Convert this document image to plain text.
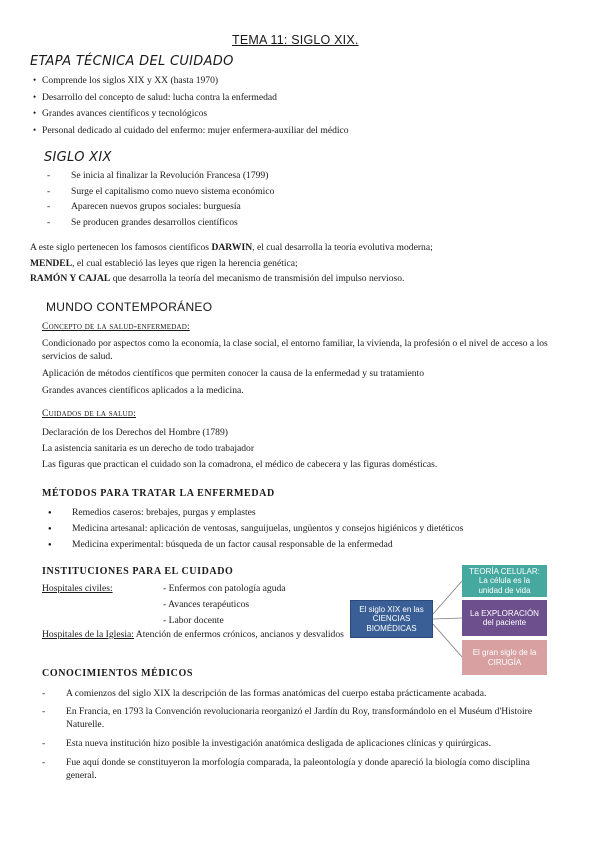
TEMA 11: SIGLO XIX.
ETAPA TÉCNICA DEL CUIDADO
• Comprende los siglos XIX y XX (hasta 1970)
• Desarrollo del concepto de salud: lucha contra la enfermedad
• Grandes avances científicos y tecnológicos
• Personal dedicado al cuidado del enfermo: mujer enfermera-auxiliar del médico
SIGLO XIX
- Se inicia al finalizar la Revolución Francesa (1799)
- Surge el capitalismo como nuevo sistema económico
- Aparecen nuevos grupos sociales: burguesía
- Se producen grandes desarrollos científicos
A este siglo pertenecen los famosos científicos DARWIN, el cual desarrolla la teoría evolutiva moderna;
MENDEL, el cual estableció las leyes que rigen la herencia genética;
RAMÓN Y CAJAL que desarrolla la teoría del mecanismo de transmisión del impulso nervioso.
MUNDO CONTEMPORÁNEO
Concepto de la salud-enfermedad:

Condicionado por aspectos como la economía, la clase social, el entorno familiar, la vivienda, la profesión o el nivel de acceso a los servicios de salud.

Aplicación de métodos científicos que permiten conocer la causa de la enfermedad y su tratamiento

Grandes avances científicos aplicados a la medicina.

Cuidados de la salud:

Declaración de los Derechos del Hombre (1789)

La asistencia sanitaria es un derecho de todo trabajador

Las figuras que practican el cuidado son la comadrona, el médico de cabecera y las figuras domésticas.

MÉTODOS PARA TRATAR LA ENFERMEDAD
● Remedios caseros: brebajes, purgas y emplastes
● Medicina artesanal: aplicación de ventosas, sanguijuelas, ungüentos y consejos higiénicos y dietéticos
● Medicina experimental: búsqueda de un factor causal responsable de la enfermedad
INSTITUCIONES PARA EL CUIDADO
Hospitales civiles:	- Enfermos con patología aguda
- Avances terapéuticos
- Labor docente
Hospitales de la Iglesia: Atención de enfermos crónicos, ancianos y desvalidos
El siglo XIX en las CIENCIAS BIOMÉDICAS
TEORÍA CELULAR: La célula es la unidad de vida
La EXPLORACIÓN del paciente
El gran siglo de la CIRUGÍA
CONOCIMIENTOS MÉDICOS
- A comienzos del siglo XIX la descripción de las formas anatómicas del cuerpo estaba prácticamente acabada.
- En Francia, en 1793 la Convención revolucionaria reorganizó el Jardín du Roy, transformándolo en el Muséum d'Histoire Naturelle.
- Esta nueva institución hizo posible la investigación anatómica desligada de aplicaciones clínicas y quirúrgicas.
- Fue aquí donde se constituyeron la morfología comparada, la paleontología y donde apareció la biología como disciplina general.
